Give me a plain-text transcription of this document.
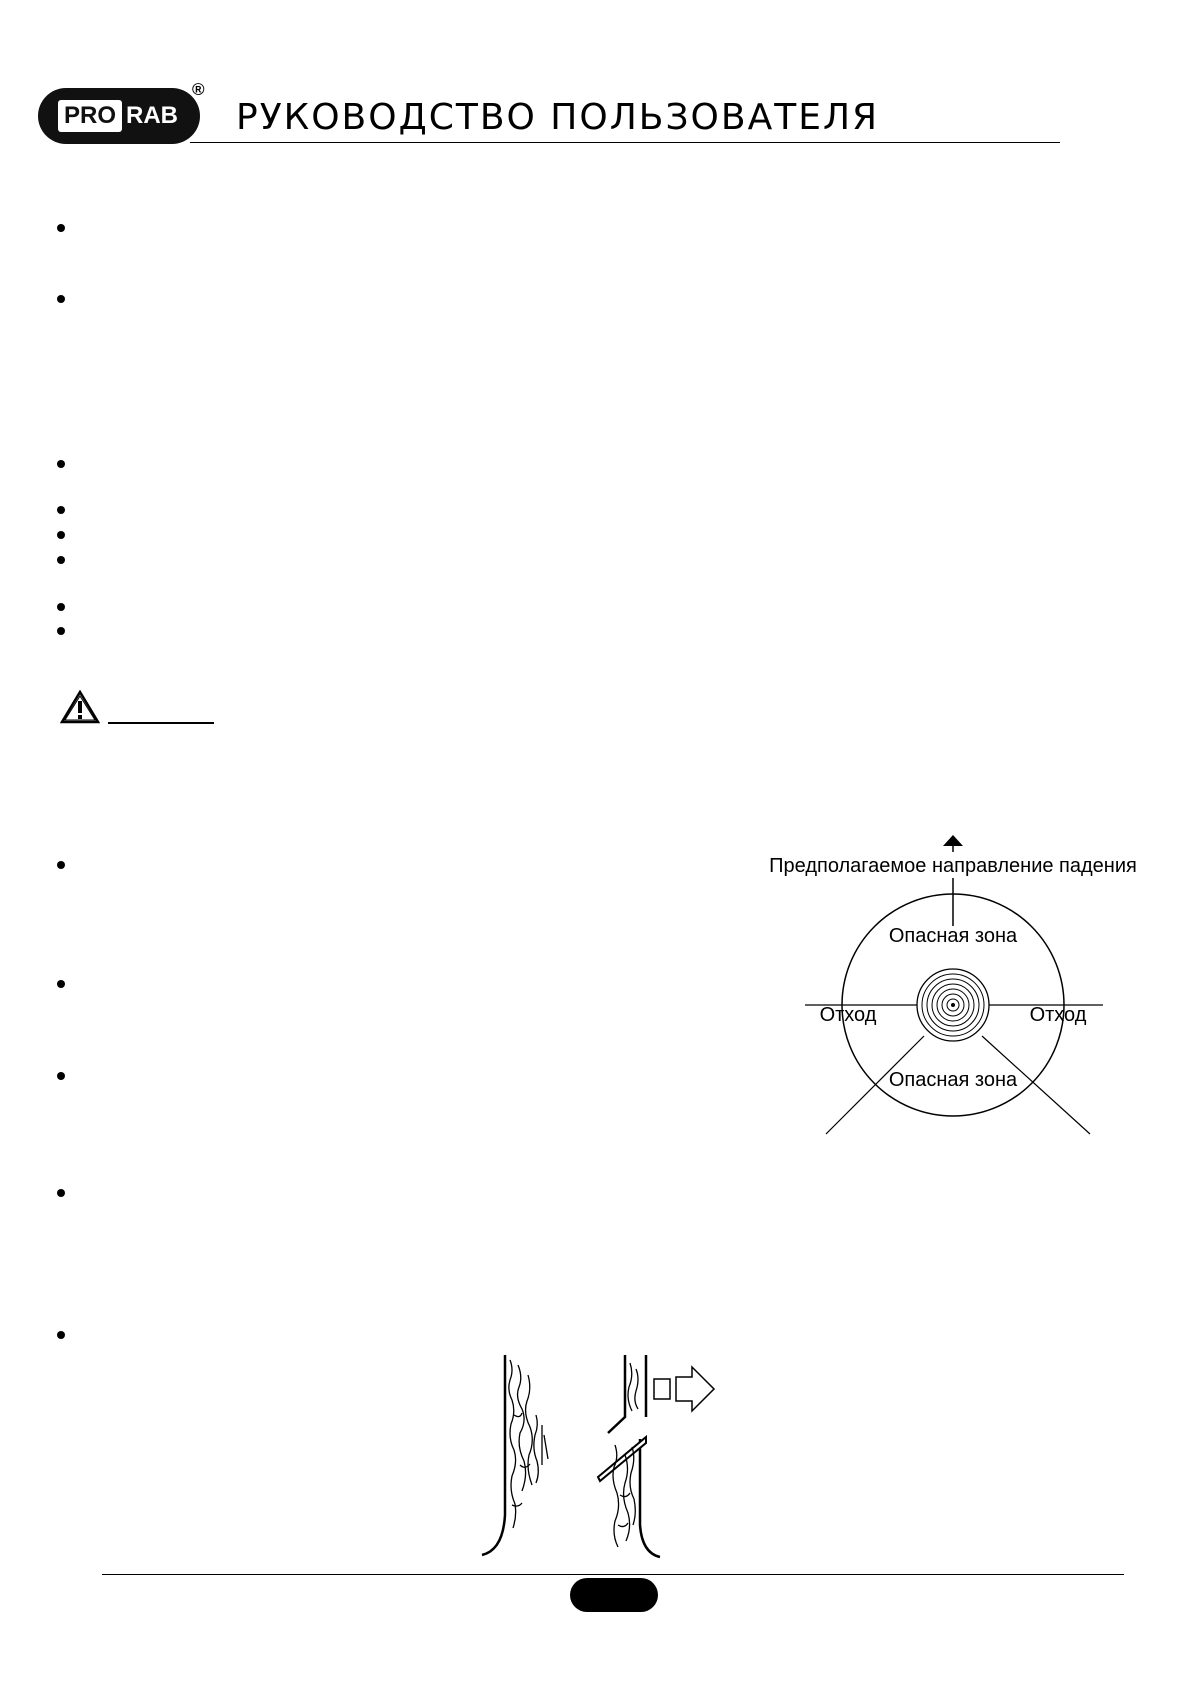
PRO RAB
®
РУКОВОДСТВО ПОЛЬЗОВАТЕЛЯ
Предполагаемое направление падения
Опасная зона
Отход	Отход
Опасная зона
